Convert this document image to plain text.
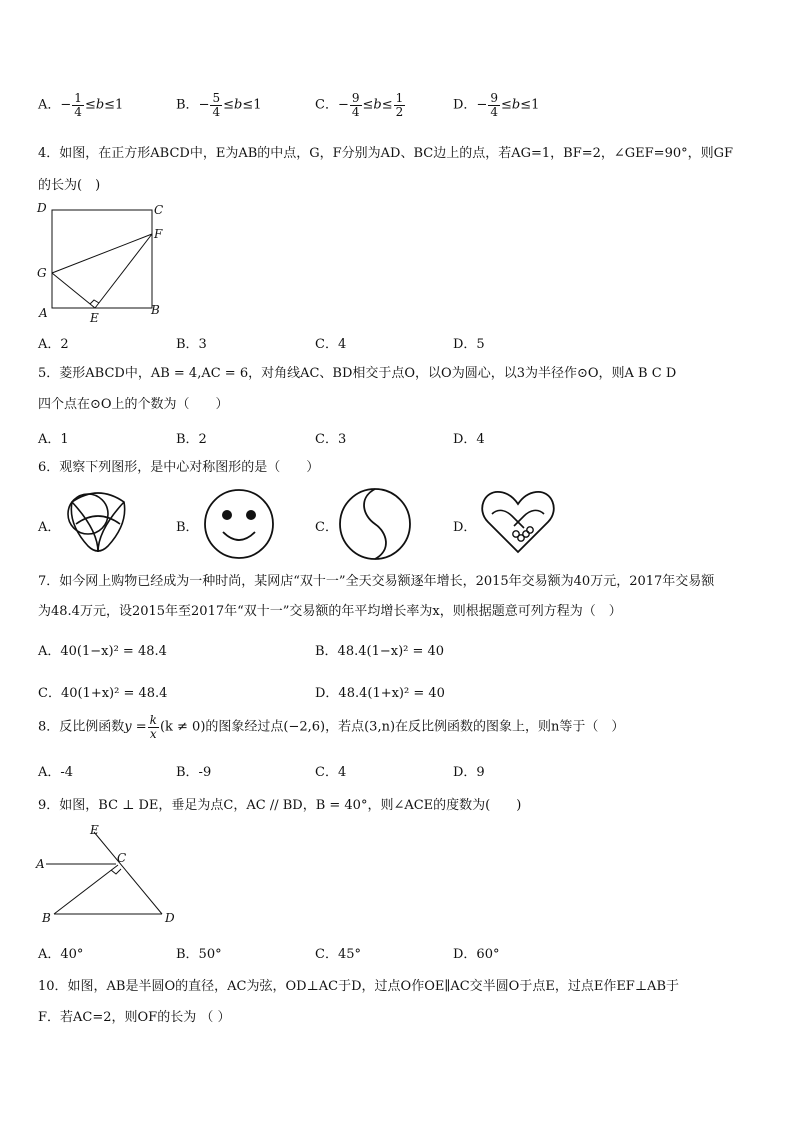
A．− $\frac{1}{4} \le b\le 1$	B．− $\frac{5}{4} \le b\le 1$	C．− $\frac{9}{4} \le b\le \frac{1}{2}$	D．− $\frac{9}{4} \le b\le 1$
4．如图，在正方形ABCD中，E为AB的中点，G，F分别为AD、BC边上的点，若AG=1，BF=2，∠GEF=90°，则GF
的长为(　)
D	C
F
G
A	E
B
A．2	B．3	C．4	D．5
5．菱形ABCD中，AB = 4,AC = 6，对角线AC、BD相交于点O，以O为圆心，以3为半径作⊙O，则A B C D
四个点在⊙O上的个数为（　　）
A．1	B．2	C．3	D．4
6．观察下列图形，是中心对称图形的是（　　）
A．	B．	C．	D．
7．如今网上购物已经成为一种时尚，某网店“双十一”全天交易额逐年增长，2015年交易额为40万元，2017年交易额
为48.4万元，设2015年至2017年“双十一”交易额的年平均增长率为x，则根据题意可列方程为（　）
A．40(1−x)² = 48.4	B．48.4(1−x)² = 40
C．40(1+x)² = 48.4	D．48.4(1+x)² = 40
8．反比例函数$y = \frac{k}{x} (k \ne 0)$的图象经过点(−2,6)，若点(3,n)在反比例函数的图象上，则n等于（　）
A．-4	B．-9	C．4	D．9
9．如图，BC ⊥ DE，垂足为点C，AC // BD，B = 40°，则∠ACE的度数为(　　)
E
A	C
B	D
A．40°	B．50°	C．45°	D．60°
10．如图，AB是半圆O的直径，AC为弦，OD⊥AC于D，过点O作OE∥AC交半圆O于点E，过点E作EF⊥AB于
F．若AC=2，则OF的长为 （ ）
